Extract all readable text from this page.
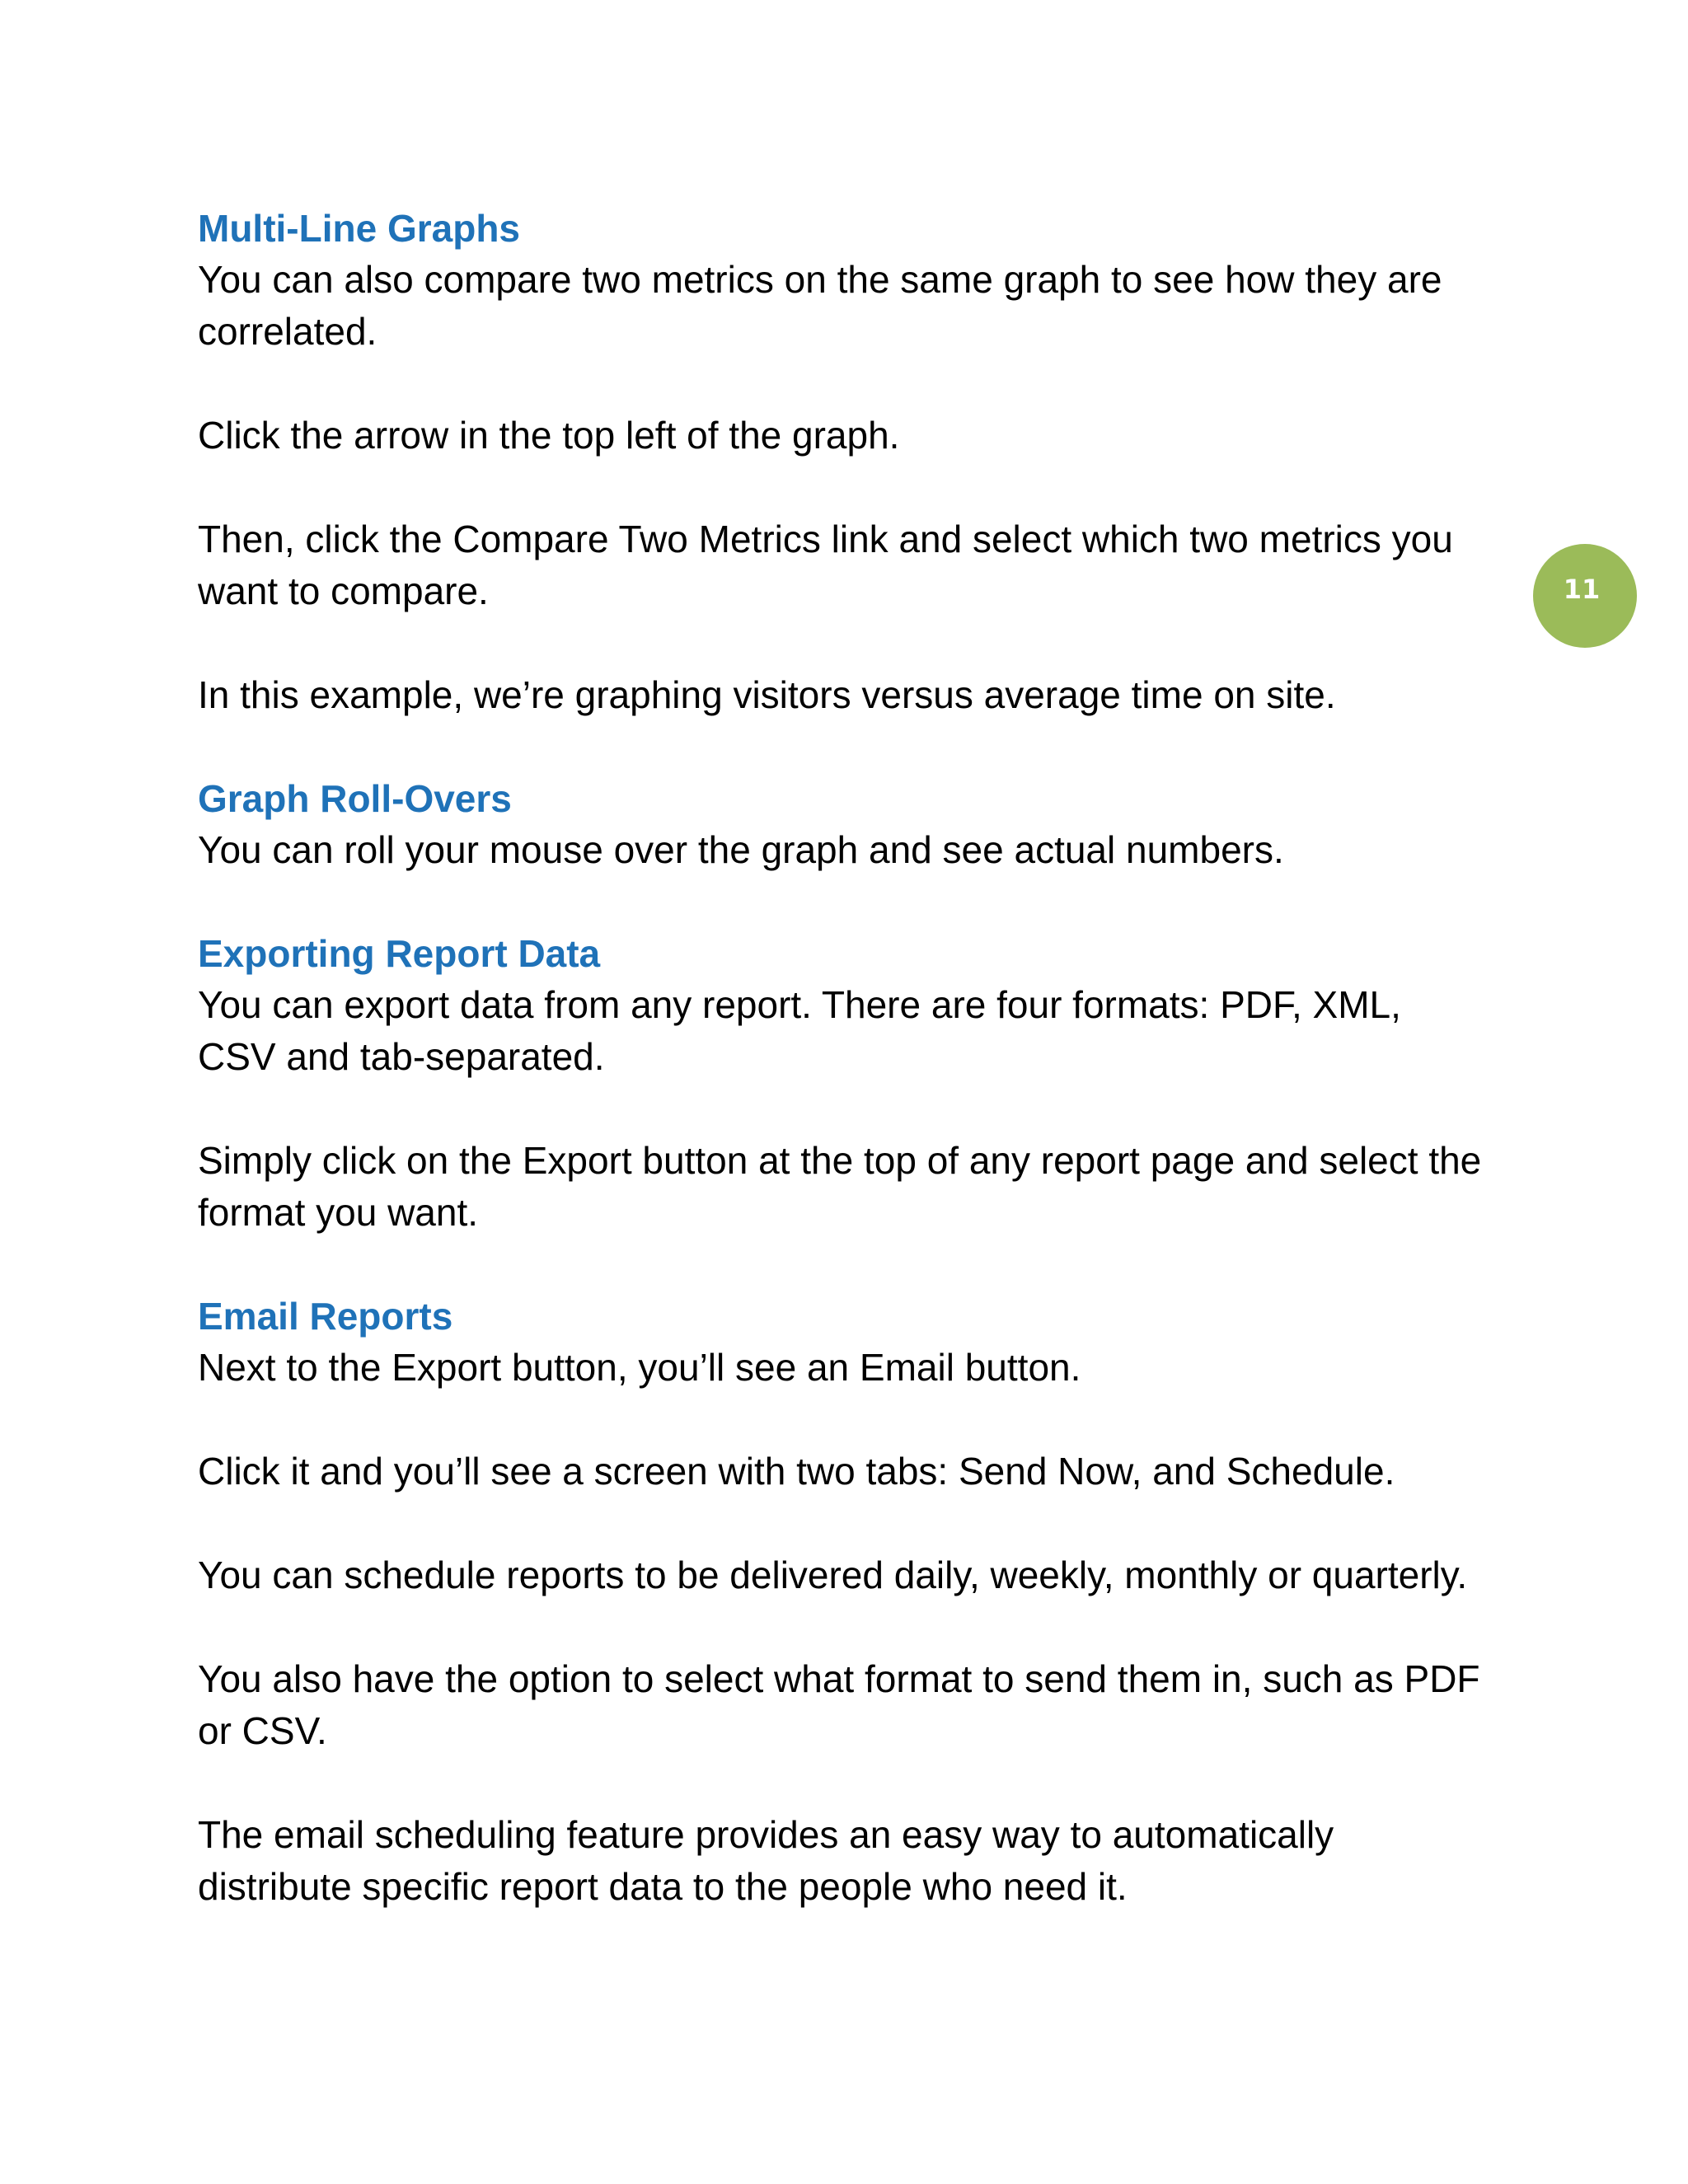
Multi-Line Graphs

You can also compare two metrics on the same graph to see how they are correlated.

Click the arrow in the top left of the graph.

Then, click the Compare Two Metrics link and select which two metrics you want to compare.

In this example, we’re graphing visitors versus average time on site.

Graph Roll-Overs

You can roll your mouse over the graph and see actual numbers.

Exporting Report Data

You can export data from any report. There are four formats: PDF, XML, CSV and tab-separated.

Simply click on the Export button at the top of any report page and select the format you want.

Email Reports

Next to the Export button, you’ll see an Email button.

Click it and you’ll see a screen with two tabs: Send Now, and Schedule.

You can schedule reports to be delivered daily, weekly, monthly or quarterly.

You also have the option to select what format to send them in, such as PDF or CSV.

The email scheduling feature provides an easy way to automatically distribute specific report data to the people who need it.

11
